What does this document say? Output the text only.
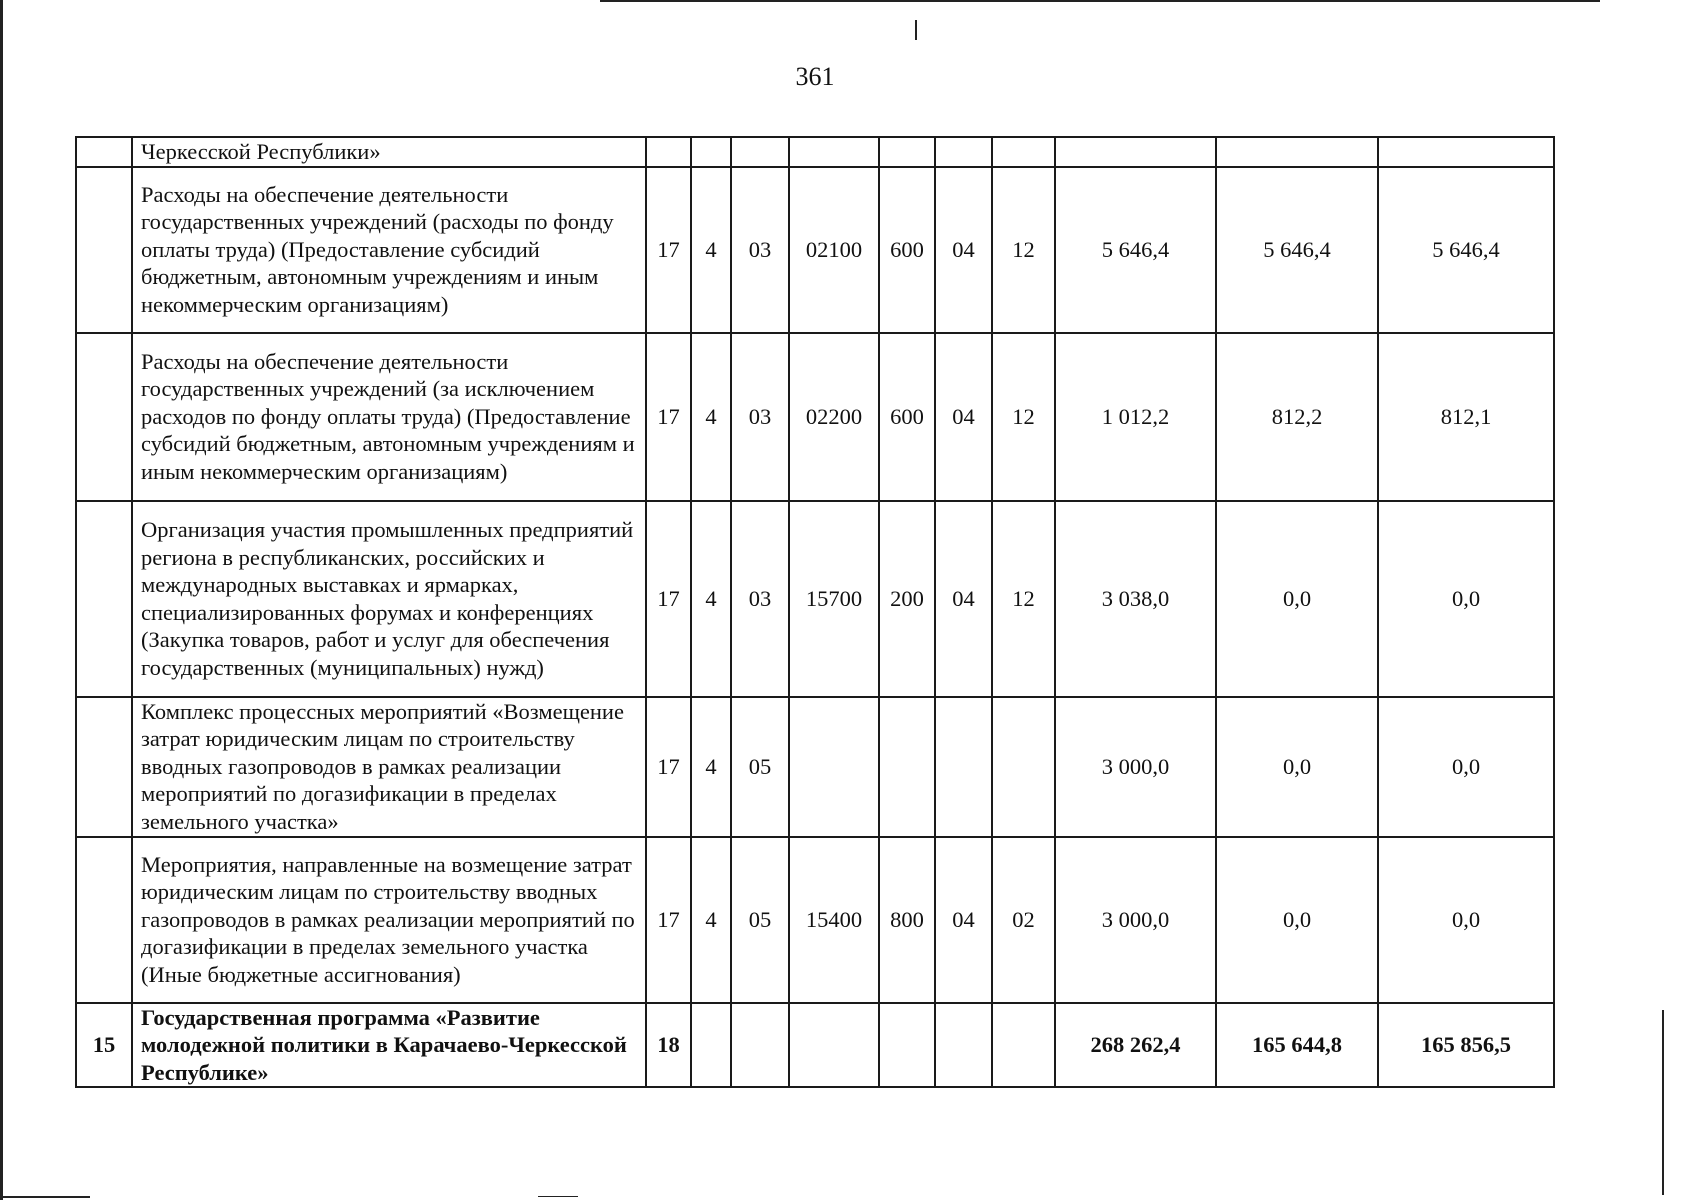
361
	Черкесской Республики»										
	Расходы на обеспечение деятельности государственных учреждений (расходы по фонду оплаты труда) (Предоставление субсидий бюджетным, автономным учреждениям и иным некоммерческим организациям)	17	4	03	02100	600	04	12	5 646,4	5 646,4	5 646,4
	Расходы на обеспечение деятельности государственных учреждений (за исключением расходов по фонду оплаты труда) (Предоставление субсидий бюджетным, автономным учреждениям и иным некоммерческим организациям)	17	4	03	02200	600	04	12	1 012,2	812,2	812,1
	Организация участия промышленных предприятий региона в республиканских, российских и международных выставках и ярмарках, специализированных форумах и конференциях (Закупка товаров, работ и услуг для обеспечения государственных (муниципальных) нужд)	17	4	03	15700	200	04	12	3 038,0	0,0	0,0
	Комплекс процессных мероприятий «Возмещение затрат юридическим лицам по строительству вводных газопроводов в рамках реализации мероприятий по догазификации в пределах земельного участка»	17	4	05					3 000,0	0,0	0,0
	Мероприятия, направленные на возмещение затрат юридическим лицам по строительству вводных газопроводов в рамках реализации мероприятий по догазификации в пределах земельного участка (Иные бюджетные ассигнования)	17	4	05	15400	800	04	02	3 000,0	0,0	0,0
15	Государственная программа «Развитие молодежной политики в Карачаево-Черкесской Республике»	18							268 262,4	165 644,8	165 856,5
